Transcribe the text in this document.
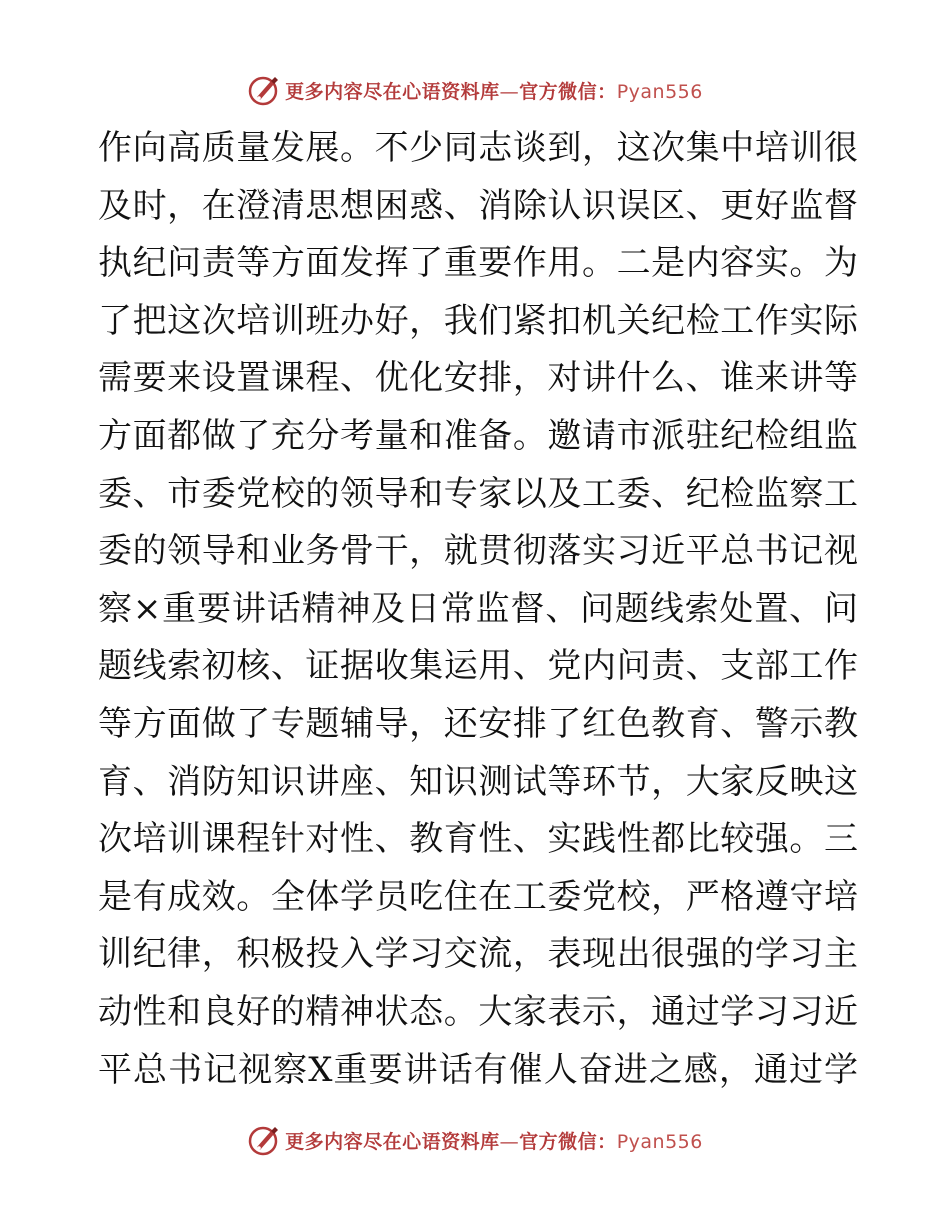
更多内容尽在心语资料库—官方微信：Pyan556
作向高质量发展。不少同志谈到，这次集中培训很
及时，在澄清思想困惑、消除认识误区、更好监督
执纪问责等方面发挥了重要作用。二是内容实。为
了把这次培训班办好，我们紧扣机关纪检工作实际
需要来设置课程、优化安排，对讲什么、谁来讲等
方面都做了充分考量和准备。邀请市派驻纪检组监
委、市委党校的领导和专家以及工委、纪检监察工
委的领导和业务骨干，就贯彻落实习近平总书记视
察×重要讲话精神及日常监督、问题线索处置、问
题线索初核、证据收集运用、党内问责、支部工作
等方面做了专题辅导，还安排了红色教育、警示教
育、消防知识讲座、知识测试等环节，大家反映这
次培训课程针对性、教育性、实践性都比较强。三
是有成效。全体学员吃住在工委党校，严格遵守培
训纪律，积极投入学习交流，表现出很强的学习主
动性和良好的精神状态。大家表示，通过学习习近
平总书记视察X重要讲话有催人奋进之感，通过学
更多内容尽在心语资料库—官方微信：Pyan556
